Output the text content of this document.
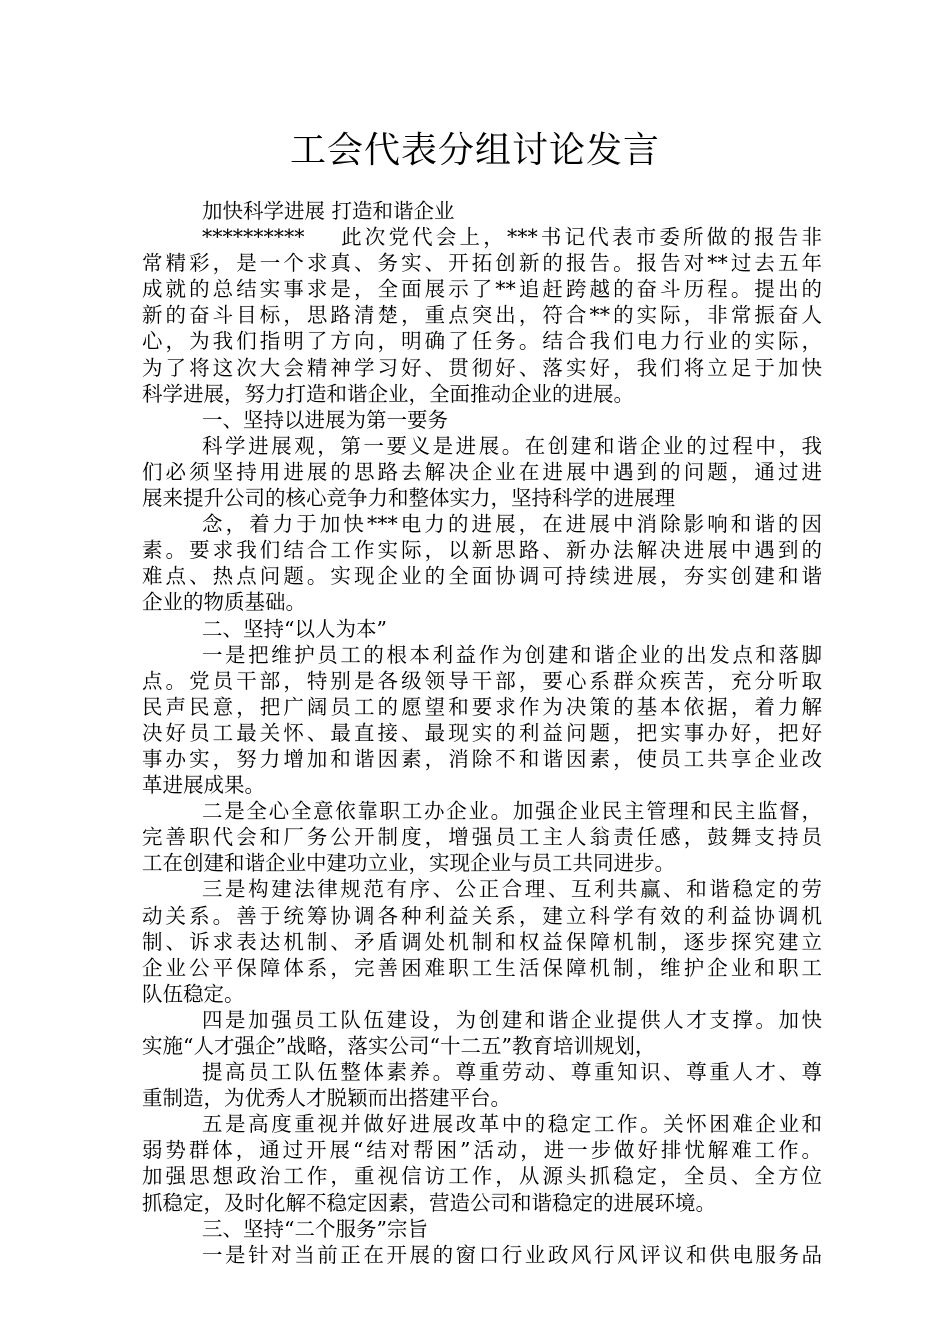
工会代表分组讨论发言
加快科学进展 打造和谐企业
**********　 此次党代会上，***书记代表市委所做的报告非
常精彩，是一个求真、务实、开拓创新的报告。报告对**过去五年
成就的总结实事求是，全面展示了**追赶跨越的奋斗历程。提出的
新的奋斗目标，思路清楚，重点突出，符合**的实际，非常振奋人
心，为我们指明了方向，明确了任务。结合我们电力行业的实际，
为了将这次大会精神学习好、贯彻好、落实好，我们将立足于加快
科学进展，努力打造和谐企业，全面推动企业的进展。
一、坚持以进展为第一要务
科学进展观，第一要义是进展。在创建和谐企业的过程中，我
们必须坚持用进展的思路去解决企业在进展中遇到的问题，通过进
展来提升公司的核心竞争力和整体实力，坚持科学的进展理
念，着力于加快***电力的进展，在进展中消除影响和谐的因
素。要求我们结合工作实际，以新思路、新办法解决进展中遇到的
难点、热点问题。实现企业的全面协调可持续进展，夯实创建和谐
企业的物质基础。
二、坚持“以人为本”
一是把维护员工的根本利益作为创建和谐企业的出发点和落脚
点。党员干部，特别是各级领导干部，要心系群众疾苦，充分听取
民声民意，把广阔员工的愿望和要求作为决策的基本依据，着力解
决好员工最关怀、最直接、最现实的利益问题，把实事办好，把好
事办实，努力增加和谐因素，消除不和谐因素，使员工共享企业改
革进展成果。
二是全心全意依靠职工办企业。加强企业民主管理和民主监督，
完善职代会和厂务公开制度，增强员工主人翁责任感，鼓舞支持员
工在创建和谐企业中建功立业，实现企业与员工共同进步。
三是构建法律规范有序、公正合理、互利共赢、和谐稳定的劳
动关系。善于统筹协调各种利益关系，建立科学有效的利益协调机
制、诉求表达机制、矛盾调处机制和权益保障机制，逐步探究建立
企业公平保障体系，完善困难职工生活保障机制，维护企业和职工
队伍稳定。
四是加强员工队伍建设，为创建和谐企业提供人才支撑。加快
实施“人才强企”战略，落实公司“十二五”教育培训规划，
提高员工队伍整体素养。尊重劳动、尊重知识、尊重人才、尊
重制造，为优秀人才脱颖而出搭建平台。
五是高度重视并做好进展改革中的稳定工作。关怀困难企业和
弱势群体，通过开展“结对帮困”活动，进一步做好排忧解难工作。
加强思想政治工作，重视信访工作，从源头抓稳定，全员、全方位
抓稳定，及时化解不稳定因素，营造公司和谐稳定的进展环境。
三、坚持“二个服务”宗旨
一是针对当前正在开展的窗口行业政风行风评议和供电服务品
